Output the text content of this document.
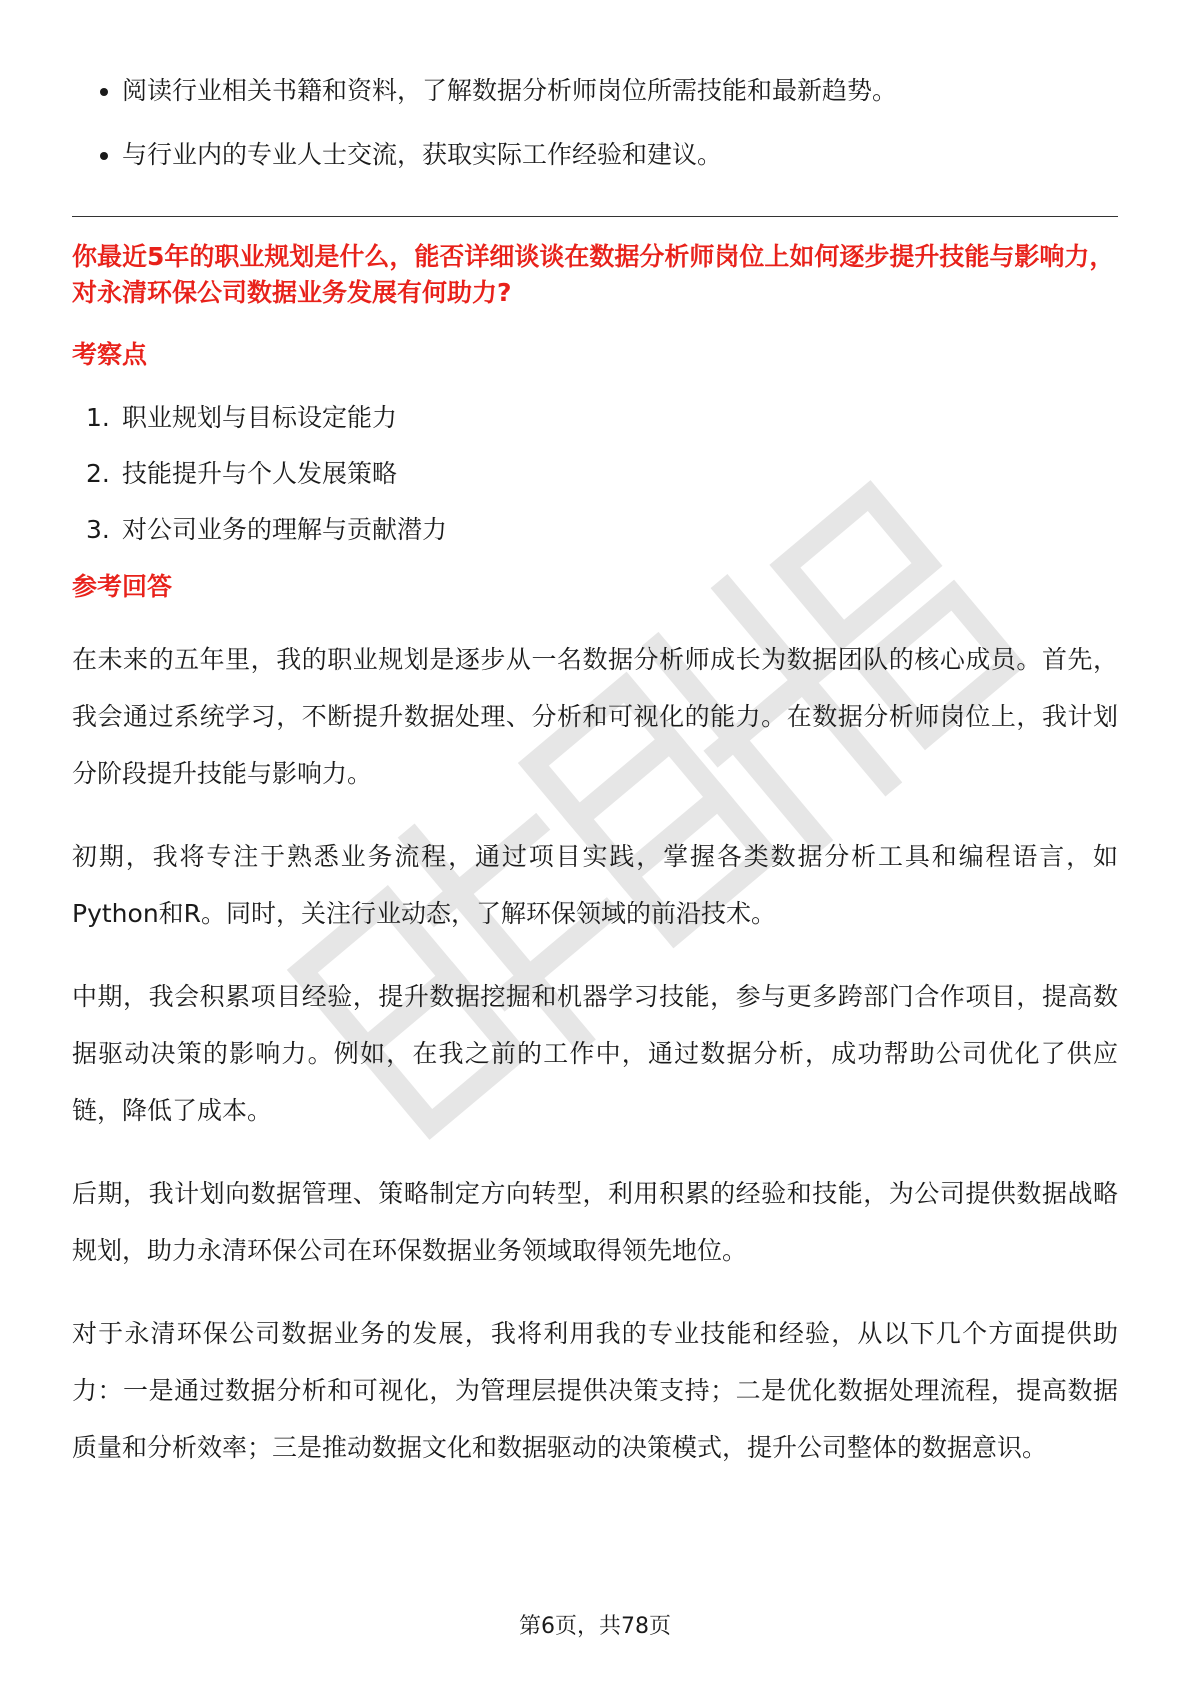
阅读行业相关书籍和资料，了解数据分析师岗位所需技能和最新趋势。
与行业内的专业人士交流，获取实际工作经验和建议。
你最近5年的职业规划是什么，能否详细谈谈在数据分析师岗位上如何逐步提升技能与影响力，对永清环保公司数据业务发展有何助力?
考察点
1. 职业规划与目标设定能力
2. 技能提升与个人发展策略
3. 对公司业务的理解与贡献潜力
参考回答

在未来的五年里，我的职业规划是逐步从一名数据分析师成长为数据团队的核心成员。首先，我会通过系统学习，不断提升数据处理、分析和可视化的能力。在数据分析师岗位上，我计划分阶段提升技能与影响力。

初期，我将专注于熟悉业务流程，通过项目实践，掌握各类数据分析工具和编程语言，如Python和R。同时，关注行业动态，了解环保领域的前沿技术。

中期，我会积累项目经验，提升数据挖掘和机器学习技能，参与更多跨部门合作项目，提高数据驱动决策的影响力。例如，在我之前的工作中，通过数据分析，成功帮助公司优化了供应链，降低了成本。

后期，我计划向数据管理、策略制定方向转型，利用积累的经验和技能，为公司提供数据战略规划，助力永清环保公司在环保数据业务领域取得领先地位。

对于永清环保公司数据业务的发展，我将利用我的专业技能和经验，从以下几个方面提供助力：一是通过数据分析和可视化，为管理层提供决策支持；二是优化数据处理流程，提高数据质量和分析效率；三是推动数据文化和数据驱动的决策模式，提升公司整体的数据意识。

第6页，共78页
